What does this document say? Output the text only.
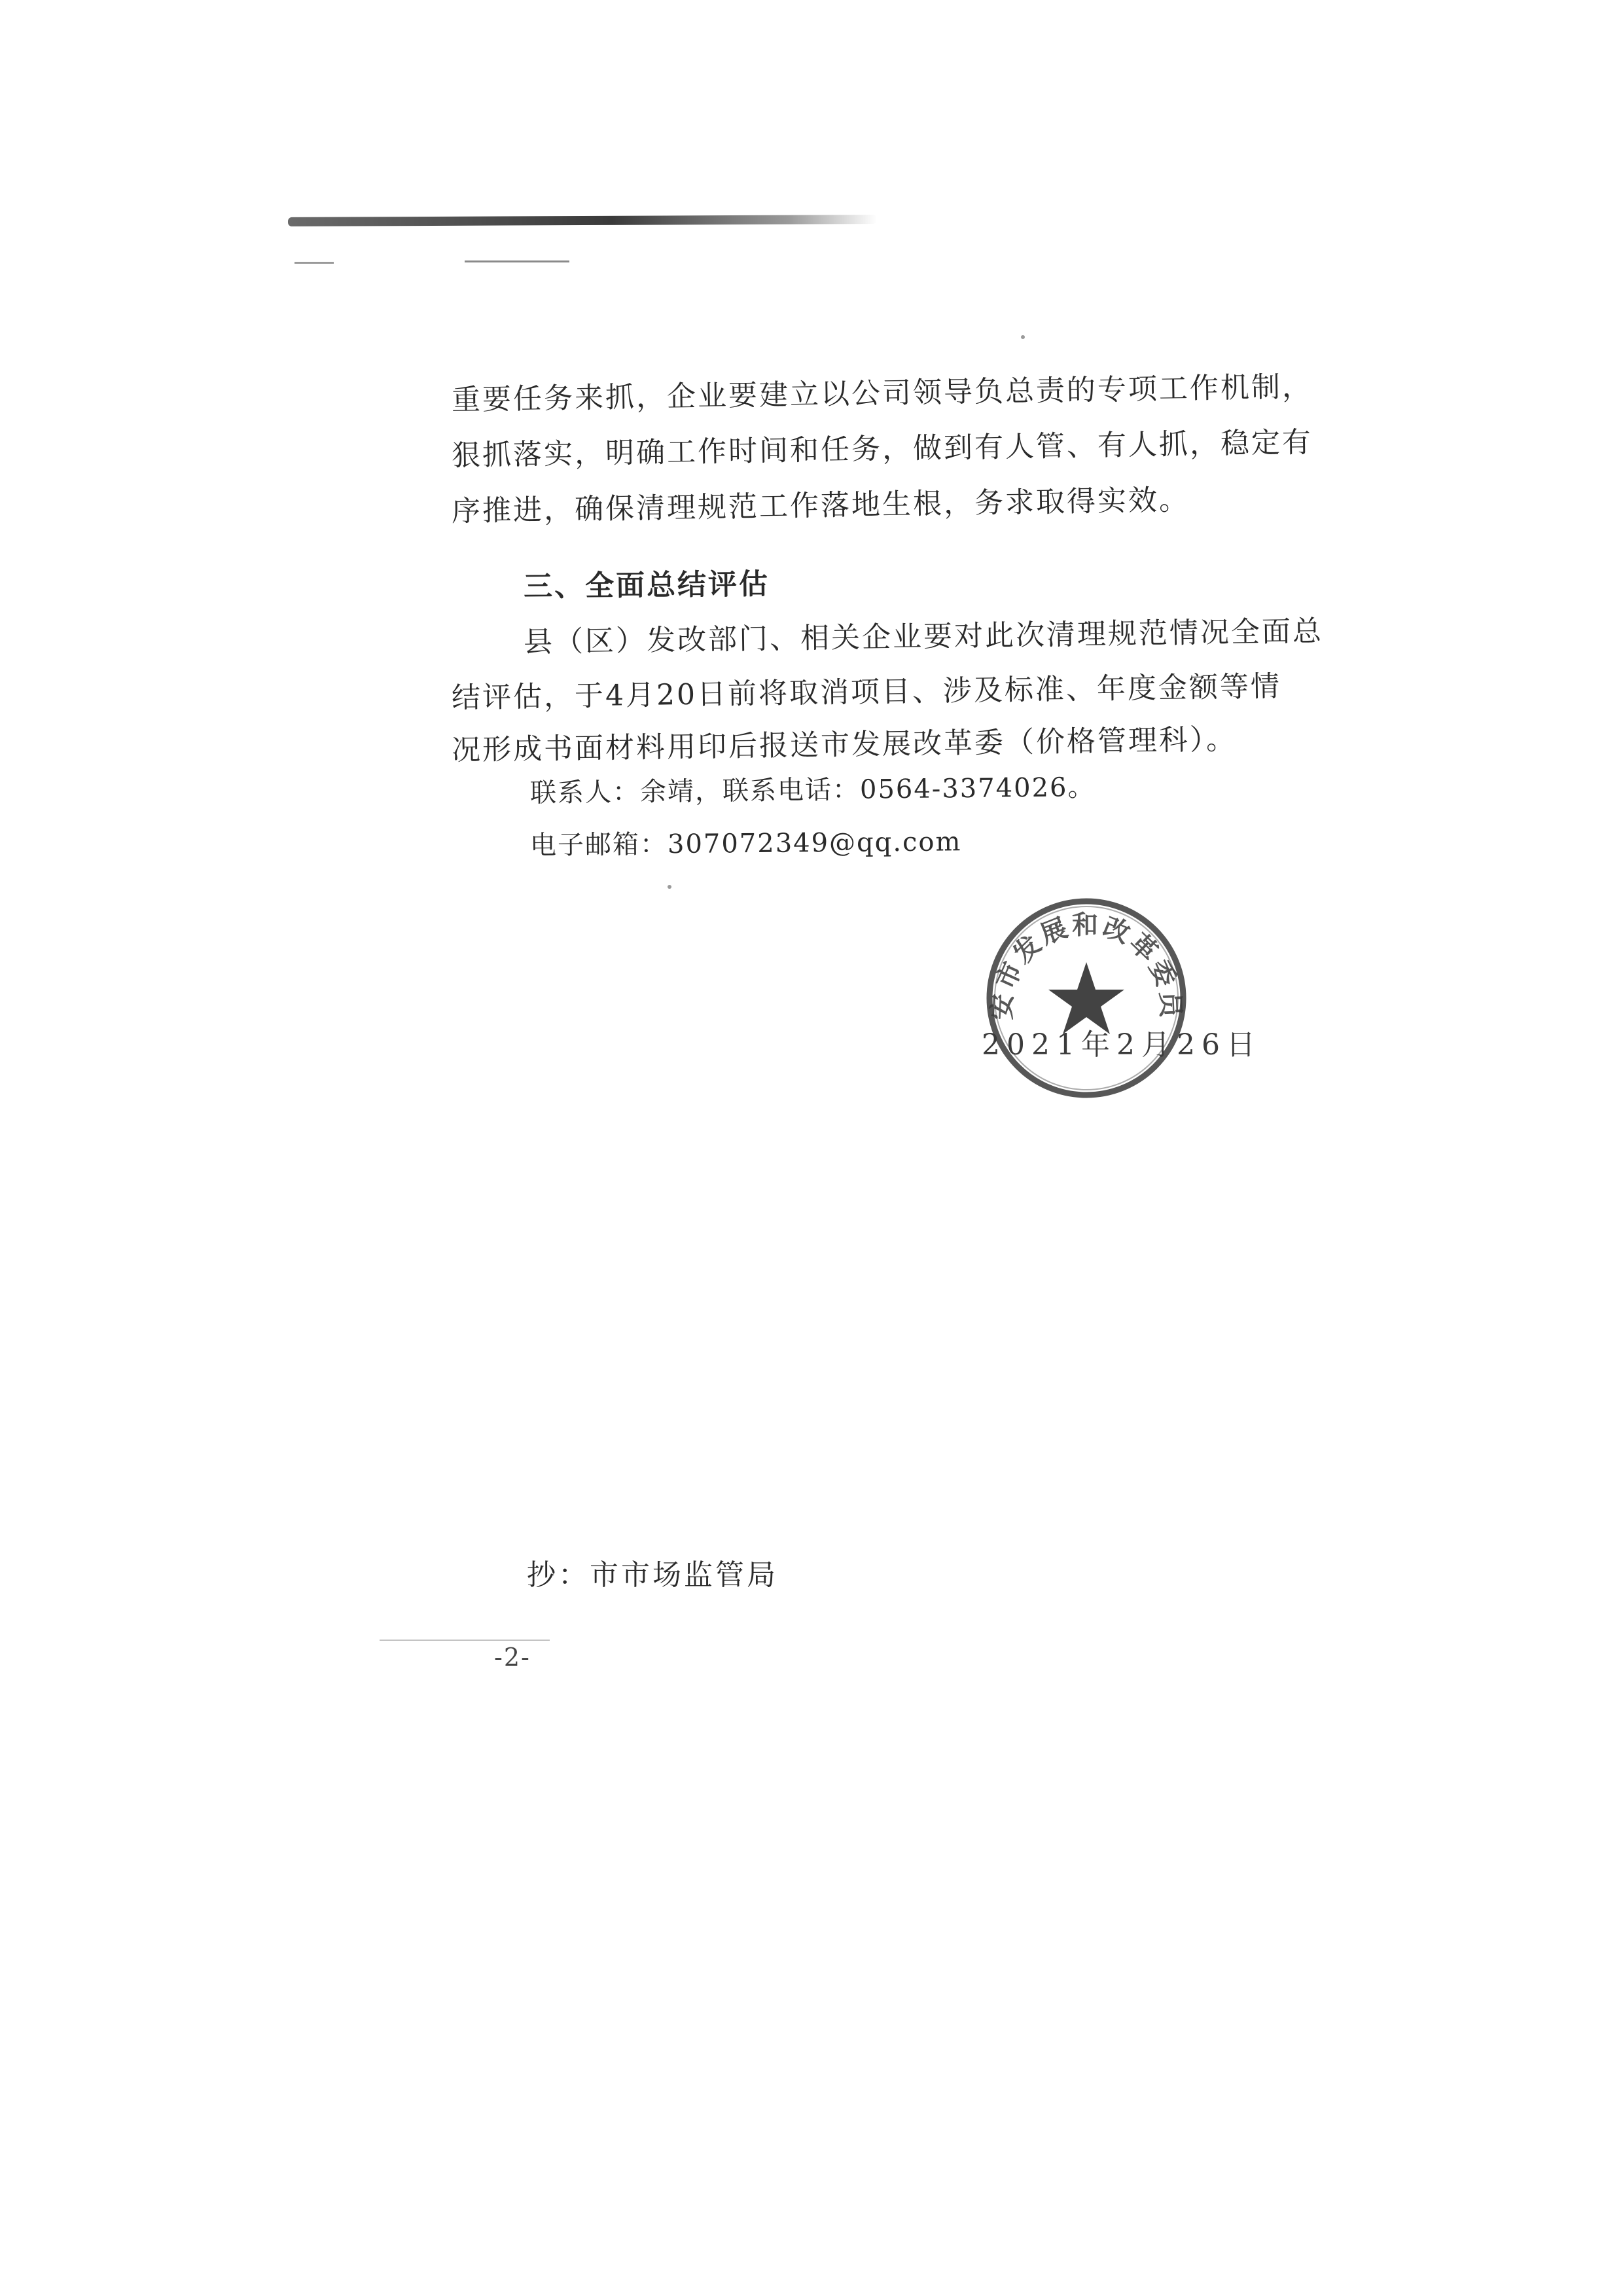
重要任务来抓，企业要建立以公司领导负总责的专项工作机制，
狠抓落实，明确工作时间和任务，做到有人管、有人抓，稳定有
序推进，确保清理规范工作落地生根，务求取得实效。
三、全面总结评估
县（区）发改部门、相关企业要对此次清理规范情况全面总
结评估，于4月20日前将取消项目、涉及标准、年度金额等情
况形成书面材料用印后报送市发展改革委（价格管理科）。
联系人：余靖，联系电话：0564-3374026。
电子邮箱：307072349@qq.com
安市发展和改革委员
2021年2月26日
抄：市市场监管局
-2-
